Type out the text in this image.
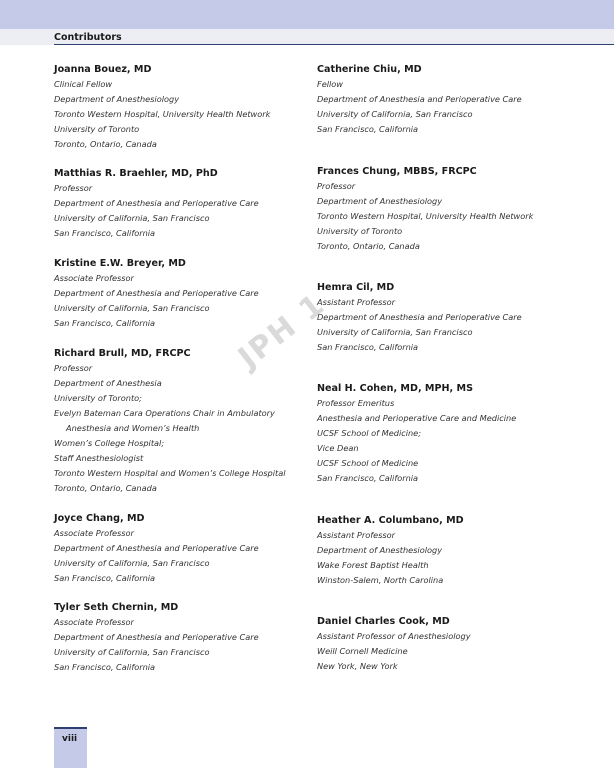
Contributors
Joanna Bouez, MD
Clinical Fellow
Department of Anesthesiology
Toronto Western Hospital, University Health Network
University of Toronto
Toronto, Ontario, Canada
Matthias R. Braehler, MD, PhD
Professor
Department of Anesthesia and Perioperative Care
University of California, San Francisco
San Francisco, California
Kristine E.W. Breyer, MD
Associate Professor
Department of Anesthesia and Perioperative Care
University of California, San Francisco
San Francisco, California
Richard Brull, MD, FRCPC
Professor
Department of Anesthesia
University of Toronto;
Evelyn Bateman Cara Operations Chair in Ambulatory
Anesthesia and Women’s Health
Women’s College Hospital;
Staff Anesthesiologist
Toronto Western Hospital and Women’s College Hospital
Toronto, Ontario, Canada
Joyce Chang, MD
Associate Professor
Department of Anesthesia and Perioperative Care
University of California, San Francisco
San Francisco, California
Tyler Seth Chernin, MD
Associate Professor
Department of Anesthesia and Perioperative Care
University of California, San Francisco
San Francisco, California
Catherine Chiu, MD
Fellow
Department of Anesthesia and Perioperative Care
University of California, San Francisco
San Francisco, California
Frances Chung, MBBS, FRCPC
Professor
Department of Anesthesiology
Toronto Western Hospital, University Health Network
University of Toronto
Toronto, Ontario, Canada
Hemra Cil, MD
Assistant Professor
Department of Anesthesia and Perioperative Care
University of California, San Francisco
San Francisco, California
Neal H. Cohen, MD, MPH, MS
Professor Emeritus
Anesthesia and Perioperative Care and Medicine
UCSF School of Medicine;
Vice Dean
UCSF School of Medicine
San Francisco, California
Heather A. Columbano, MD
Assistant Professor
Department of Anesthesiology
Wake Forest Baptist Health
Winston-Salem, North Carolina
Daniel Charles Cook, MD
Assistant Professor of Anesthesiology
Weill Cornell Medicine
New York, New York
JPH 1
viii
